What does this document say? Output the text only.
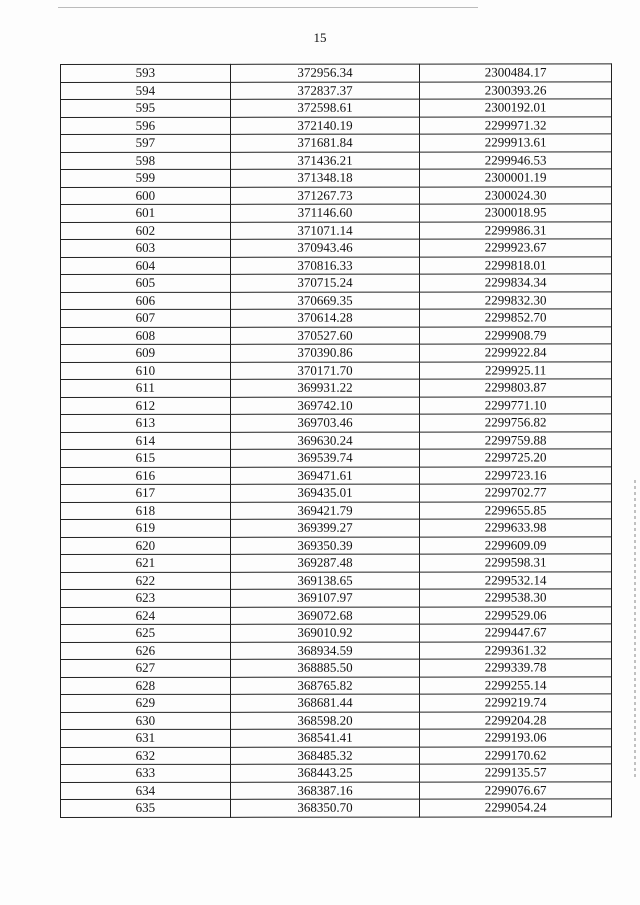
15
593	372956.34	2300484.17
594	372837.37	2300393.26
595	372598.61	2300192.01
596	372140.19	2299971.32
597	371681.84	2299913.61
598	371436.21	2299946.53
599	371348.18	2300001.19
600	371267.73	2300024.30
601	371146.60	2300018.95
602	371071.14	2299986.31
603	370943.46	2299923.67
604	370816.33	2299818.01
605	370715.24	2299834.34
606	370669.35	2299832.30
607	370614.28	2299852.70
608	370527.60	2299908.79
609	370390.86	2299922.84
610	370171.70	2299925.11
611	369931.22	2299803.87
612	369742.10	2299771.10
613	369703.46	2299756.82
614	369630.24	2299759.88
615	369539.74	2299725.20
616	369471.61	2299723.16
617	369435.01	2299702.77
618	369421.79	2299655.85
619	369399.27	2299633.98
620	369350.39	2299609.09
621	369287.48	2299598.31
622	369138.65	2299532.14
623	369107.97	2299538.30
624	369072.68	2299529.06
625	369010.92	2299447.67
626	368934.59	2299361.32
627	368885.50	2299339.78
628	368765.82	2299255.14
629	368681.44	2299219.74
630	368598.20	2299204.28
631	368541.41	2299193.06
632	368485.32	2299170.62
633	368443.25	2299135.57
634	368387.16	2299076.67
635	368350.70	2299054.24
